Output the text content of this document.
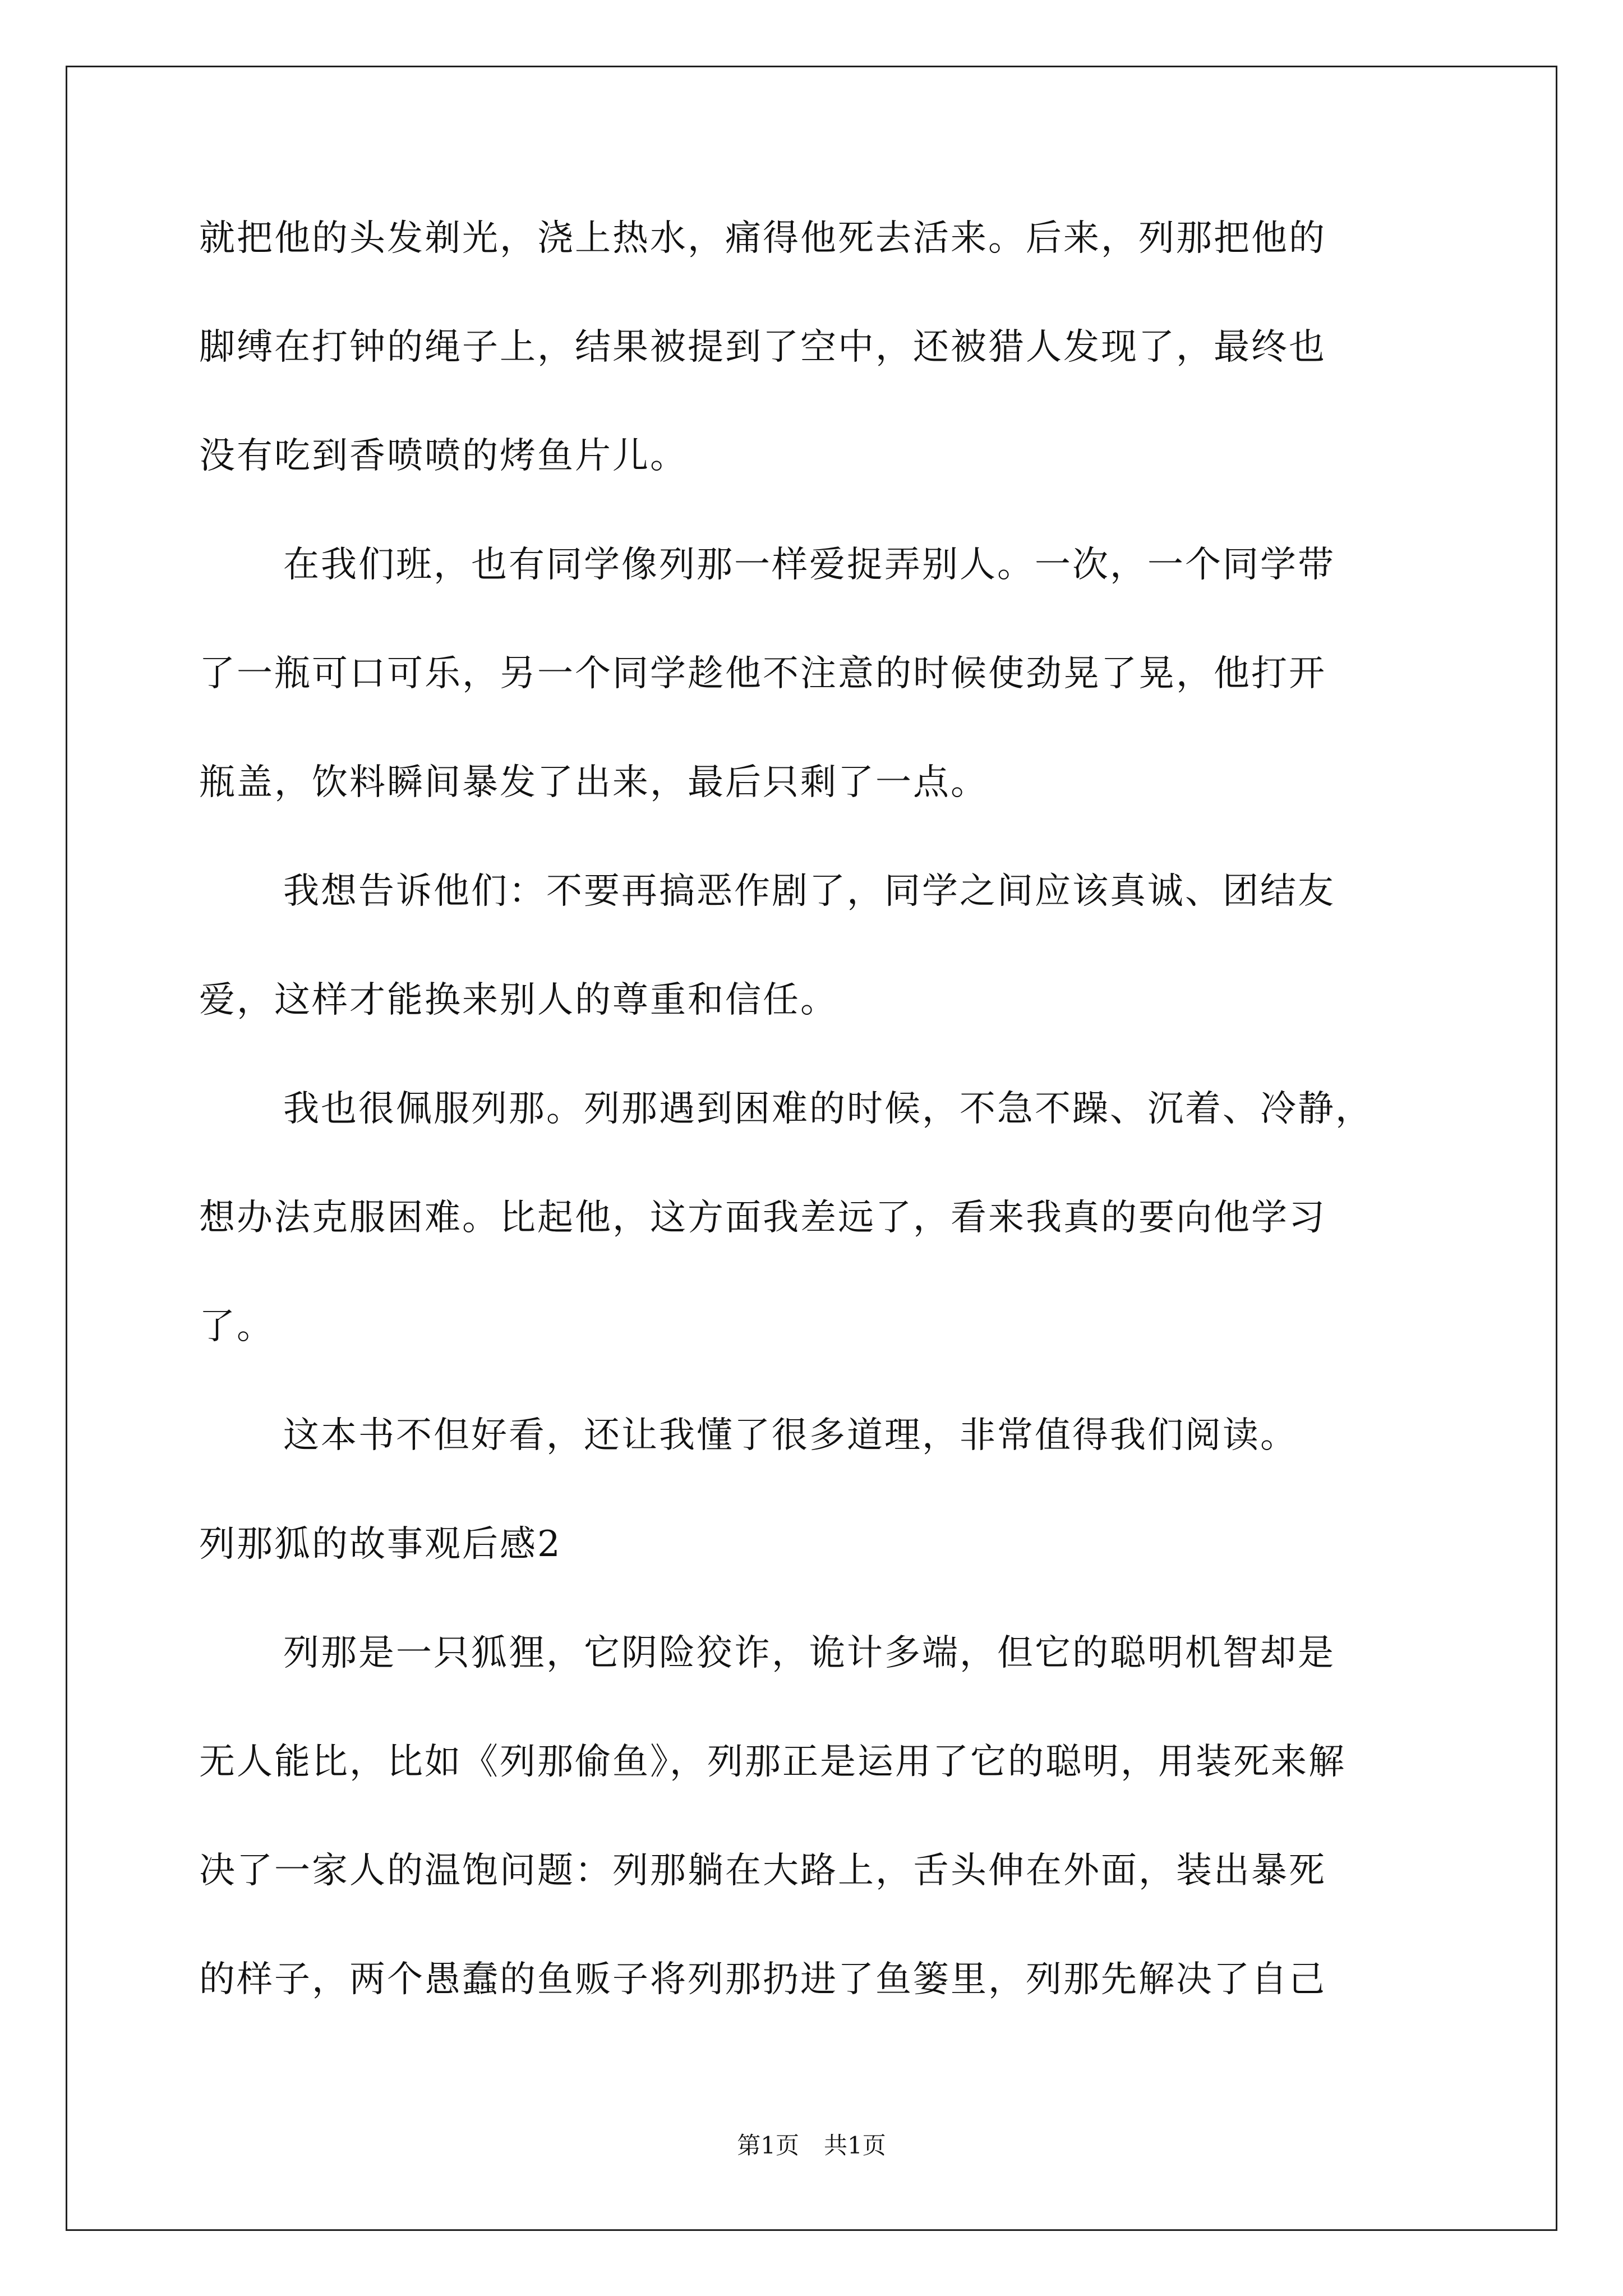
就把他的头发剃光，浇上热水，痛得他死去活来。后来，列那把他的
脚缚在打钟的绳子上，结果被提到了空中，还被猎人发现了，最终也
没有吃到香喷喷的烤鱼片儿。
在我们班，也有同学像列那一样爱捉弄别人。一次，一个同学带
了一瓶可口可乐，另一个同学趁他不注意的时候使劲晃了晃，他打开
瓶盖，饮料瞬间暴发了出来，最后只剩了一点。
我想告诉他们：不要再搞恶作剧了，同学之间应该真诚、团结友
爱，这样才能换来别人的尊重和信任。
我也很佩服列那。列那遇到困难的时候，不急不躁、沉着、冷静，
想办法克服困难。比起他，这方面我差远了，看来我真的要向他学习
了。
这本书不但好看，还让我懂了很多道理，非常值得我们阅读。
列那狐的故事观后感2
列那是一只狐狸，它阴险狡诈，诡计多端，但它的聪明机智却是
无人能比，比如《列那偷鱼》，列那正是运用了它的聪明，用装死来解
决了一家人的温饱问题：列那躺在大路上，舌头伸在外面，装出暴死
的样子，两个愚蠢的鱼贩子将列那扔进了鱼篓里，列那先解决了自己
第1页 共1页
